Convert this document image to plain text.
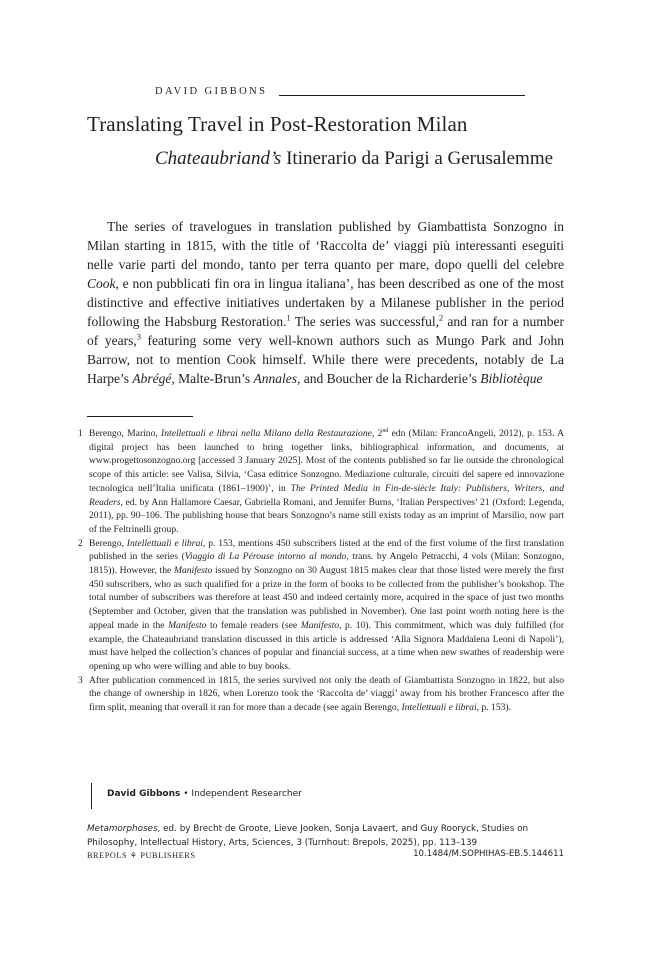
DAVID GIBBONS
Translating Travel in Post-Restoration Milan
Chateaubriand’s Itinerario da Parigi a Gerusalemme

The series of travelogues in translation published by Giambattista Sonzogno in Milan starting in 1815, with the title of ‘Raccolta de’ viaggi più interessanti eseguiti nelle varie parti del mondo, tanto per terra quanto per mare, dopo quelli del celebre Cook, e non pubblicati fin ora in lingua italiana’, has been described as one of the most distinctive and effective initiatives undertaken by a Milanese publisher in the period following the Habsburg Restoration.$^1$ The series was successful,$^2$ and ran for a number of years,$^3$ featuring some very well-known authors such as Mungo Park and John Barrow, not to mention Cook himself. While there were precedents, notably de La Harpe’s Abrégé, Malte-Brun’s Annales, and Boucher de la Richarderie’s Bibliotèque

1 Berengo, Marino, Intellettuali e librai nella Milano della Restaurazione, 2nd edn (Milan: FrancoAngeli, 2012), p. 153. A digital project has been launched to bring together links, bibliographical information, and documents, at www.progettosonzogno.org [accessed 3 January 2025]. Most of the contents published so far lie outside the chronological scope of this article: see Valisa, Silvia, ‘Casa editrice Sonzogno. Mediazione culturale, circuiti del sapere ed innovazione tecnologica nell’Italia unificata (1861–1900)’, in The Printed Media in Fin-de-siècle Italy: Publishers, Writers, and Readers, ed. by Ann Hallamore Caesar, Gabriella Romani, and Jennifer Burns, ‘Italian Perspectives’ 21 (Oxford: Legenda, 2011), pp. 90–106. The publishing house that bears Sonzogno’s name still exists today as an imprint of Marsilio, now part of the Feltrinelli group.
2 Berengo, Intellettuali e librai, p. 153, mentions 450 subscribers listed at the end of the first volume of the first translation published in the series (Viaggio di La Pérouse intorno al mondo, trans. by Angelo Petracchi, 4 vols (Milan: Sonzogno, 1815)). However, the Manifesto issued by Sonzogno on 30 August 1815 makes clear that those listed were merely the first 450 subscribers, who as such qualified for a prize in the form of books to be collected from the publisher’s bookshop. The total number of subscribers was therefore at least 450 and indeed certainly more, acquired in the space of just two months (September and October, given that the translation was published in November). One last point worth noting here is the appeal made in the Manifesto to female readers (see Manifesto, p. 10). This commitment, which was duly fulfilled (for example, the Chateaubriand translation discussed in this article is addressed ‘Alla Signora Maddalena Leoni di Napoli’), must have helped the collection’s chances of popular and financial success, at a time when new swathes of readership were opening up who were willing and able to buy books.
3 After publication commenced in 1815, the series survived not only the death of Giambattista Sonzogno in 1822, but also the change of ownership in 1826, when Lorenzo took the ‘Raccolta de’ viaggi’ away from his brother Francesco after the firm split, meaning that overall it ran for more than a decade (see again Berengo, Intellettuali e librai, p. 153).
David Gibbons • Independent Researcher
Metamorphoses, ed. by Brecht de Groote, Lieve Jooken, Sonja Lavaert, and Guy Rooryck, Studies on Philosophy, Intellectual History, Arts, Sciences, 3 (Turnhout: Brepols, 2025), pp. 113–139
BREPOLS ⚘ PUBLISHERS	10.1484/M.SOPHIHAS-EB.5.144611
